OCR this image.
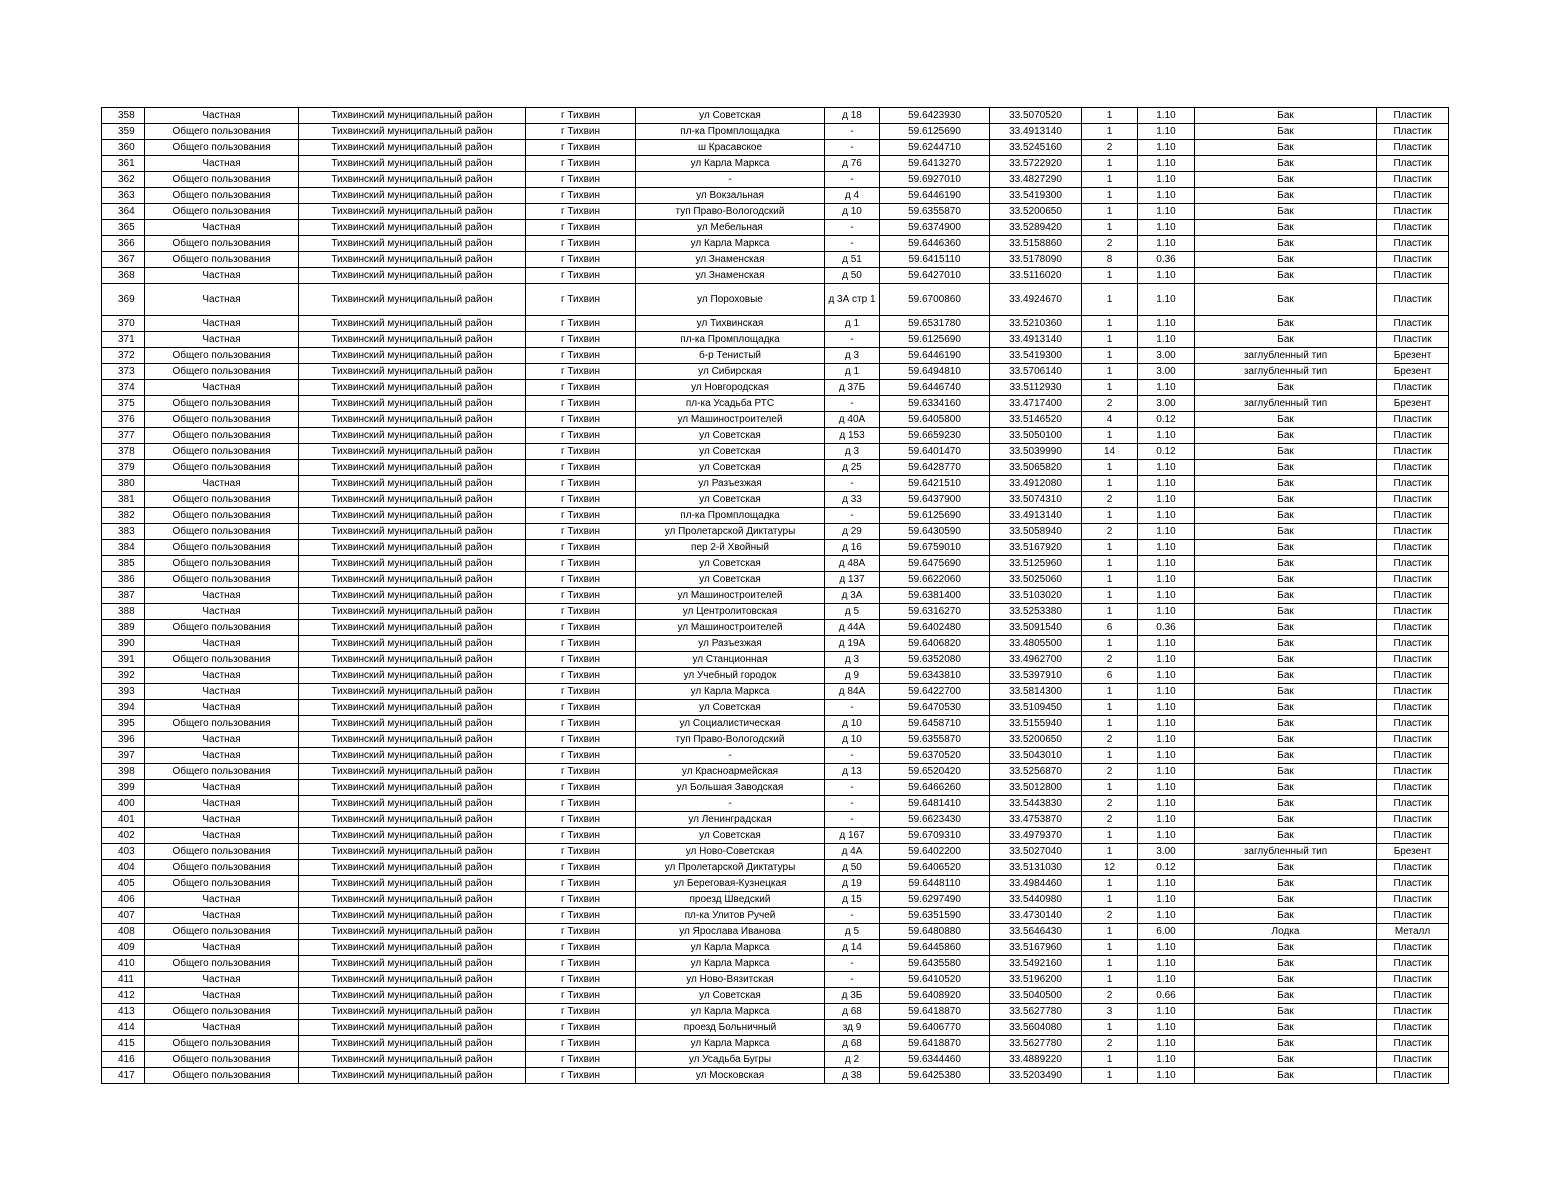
358	Частная	Тихвинский муниципальный район	г Тихвин	ул Советская	д 18	59.6423930	33.5070520	1	1.10	Бак	Пластик
359	Общего пользования	Тихвинский муниципальный район	г Тихвин	пл-ка Промплощадка	-	59.6125690	33.4913140	1	1.10	Бак	Пластик
360	Общего пользования	Тихвинский муниципальный район	г Тихвин	ш Красавское	-	59.6244710	33.5245160	2	1.10	Бак	Пластик
361	Частная	Тихвинский муниципальный район	г Тихвин	ул Карла Маркса	д 76	59.6413270	33.5722920	1	1.10	Бак	Пластик
362	Общего пользования	Тихвинский муниципальный район	г Тихвин	-	-	59.6927010	33.4827290	1	1.10	Бак	Пластик
363	Общего пользования	Тихвинский муниципальный район	г Тихвин	ул Вокзальная	д 4	59.6446190	33.5419300	1	1.10	Бак	Пластик
364	Общего пользования	Тихвинский муниципальный район	г Тихвин	туп Право-Вологодский	д 10	59.6355870	33.5200650	1	1.10	Бак	Пластик
365	Частная	Тихвинский муниципальный район	г Тихвин	ул Мебельная	-	59.6374900	33.5289420	1	1.10	Бак	Пластик
366	Общего пользования	Тихвинский муниципальный район	г Тихвин	ул Карла Маркса	-	59.6446360	33.5158860	2	1.10	Бак	Пластик
367	Общего пользования	Тихвинский муниципальный район	г Тихвин	ул Знаменская	д 51	59.6415110	33.5178090	8	0.36	Бак	Пластик
368	Частная	Тихвинский муниципальный район	г Тихвин	ул Знаменская	д 50	59.6427010	33.5116020	1	1.10	Бак	Пластик
369	Частная	Тихвинский муниципальный район	г Тихвин	ул Пороховые	д 3А стр 1	59.6700860	33.4924670	1	1.10	Бак	Пластик
370	Частная	Тихвинский муниципальный район	г Тихвин	ул Тихвинская	д 1	59.6531780	33.5210360	1	1.10	Бак	Пластик
371	Частная	Тихвинский муниципальный район	г Тихвин	пл-ка Промплощадка	-	59.6125690	33.4913140	1	1.10	Бак	Пластик
372	Общего пользования	Тихвинский муниципальный район	г Тихвин	б-р Тенистый	д 3	59.6446190	33.5419300	1	3.00	заглубленный тип	Брезент
373	Общего пользования	Тихвинский муниципальный район	г Тихвин	ул Сибирская	д 1	59.6494810	33.5706140	1	3.00	заглубленный тип	Брезент
374	Частная	Тихвинский муниципальный район	г Тихвин	ул Новгородская	д 37Б	59.6446740	33.5112930	1	1.10	Бак	Пластик
375	Общего пользования	Тихвинский муниципальный район	г Тихвин	пл-ка Усадьба РТС	-	59.6334160	33.4717400	2	3.00	заглубленный тип	Брезент
376	Общего пользования	Тихвинский муниципальный район	г Тихвин	ул Машиностроителей	д 40А	59.6405800	33.5146520	4	0.12	Бак	Пластик
377	Общего пользования	Тихвинский муниципальный район	г Тихвин	ул Советская	д 153	59.6659230	33.5050100	1	1.10	Бак	Пластик
378	Общего пользования	Тихвинский муниципальный район	г Тихвин	ул Советская	д 3	59.6401470	33.5039990	14	0.12	Бак	Пластик
379	Общего пользования	Тихвинский муниципальный район	г Тихвин	ул Советская	д 25	59.6428770	33.5065820	1	1.10	Бак	Пластик
380	Частная	Тихвинский муниципальный район	г Тихвин	ул Разъезжая	-	59.6421510	33.4912080	1	1.10	Бак	Пластик
381	Общего пользования	Тихвинский муниципальный район	г Тихвин	ул Советская	д 33	59.6437900	33.5074310	2	1.10	Бак	Пластик
382	Общего пользования	Тихвинский муниципальный район	г Тихвин	пл-ка Промплощадка	-	59.6125690	33.4913140	1	1.10	Бак	Пластик
383	Общего пользования	Тихвинский муниципальный район	г Тихвин	ул Пролетарской Диктатуры	д 29	59.6430590	33.5058940	2	1.10	Бак	Пластик
384	Общего пользования	Тихвинский муниципальный район	г Тихвин	пер 2-й Хвойный	д 16	59.6759010	33.5167920	1	1.10	Бак	Пластик
385	Общего пользования	Тихвинский муниципальный район	г Тихвин	ул Советская	д 48А	59.6475690	33.5125960	1	1.10	Бак	Пластик
386	Общего пользования	Тихвинский муниципальный район	г Тихвин	ул Советская	д 137	59.6622060	33.5025060	1	1.10	Бак	Пластик
387	Частная	Тихвинский муниципальный район	г Тихвин	ул Машиностроителей	д 3А	59.6381400	33.5103020	1	1.10	Бак	Пластик
388	Частная	Тихвинский муниципальный район	г Тихвин	ул Центролитовская	д 5	59.6316270	33.5253380	1	1.10	Бак	Пластик
389	Общего пользования	Тихвинский муниципальный район	г Тихвин	ул Машиностроителей	д 44А	59.6402480	33.5091540	6	0.36	Бак	Пластик
390	Частная	Тихвинский муниципальный район	г Тихвин	ул Разъезжая	д 19А	59.6406820	33.4805500	1	1.10	Бак	Пластик
391	Общего пользования	Тихвинский муниципальный район	г Тихвин	ул Станционная	д 3	59.6352080	33.4962700	2	1.10	Бак	Пластик
392	Частная	Тихвинский муниципальный район	г Тихвин	ул Учебный городок	д 9	59.6343810	33.5397910	6	1.10	Бак	Пластик
393	Частная	Тихвинский муниципальный район	г Тихвин	ул Карла Маркса	д 84А	59.6422700	33.5814300	1	1.10	Бак	Пластик
394	Частная	Тихвинский муниципальный район	г Тихвин	ул Советская	-	59.6470530	33.5109450	1	1.10	Бак	Пластик
395	Общего пользования	Тихвинский муниципальный район	г Тихвин	ул Социалистическая	д 10	59.6458710	33.5155940	1	1.10	Бак	Пластик
396	Частная	Тихвинский муниципальный район	г Тихвин	туп Право-Вологодский	д 10	59.6355870	33.5200650	2	1.10	Бак	Пластик
397	Частная	Тихвинский муниципальный район	г Тихвин	-	-	59.6370520	33.5043010	1	1.10	Бак	Пластик
398	Общего пользования	Тихвинский муниципальный район	г Тихвин	ул Красноармейская	д 13	59.6520420	33.5256870	2	1.10	Бак	Пластик
399	Частная	Тихвинский муниципальный район	г Тихвин	ул Большая Заводская	-	59.6466260	33.5012800	1	1.10	Бак	Пластик
400	Частная	Тихвинский муниципальный район	г Тихвин	-	-	59.6481410	33.5443830	2	1.10	Бак	Пластик
401	Частная	Тихвинский муниципальный район	г Тихвин	ул Ленинградская	-	59.6623430	33.4753870	2	1.10	Бак	Пластик
402	Частная	Тихвинский муниципальный район	г Тихвин	ул Советская	д 167	59.6709310	33.4979370	1	1.10	Бак	Пластик
403	Общего пользования	Тихвинский муниципальный район	г Тихвин	ул Ново-Советская	д 4А	59.6402200	33.5027040	1	3.00	заглубленный тип	Брезент
404	Общего пользования	Тихвинский муниципальный район	г Тихвин	ул Пролетарской Диктатуры	д 50	59.6406520	33.5131030	12	0.12	Бак	Пластик
405	Общего пользования	Тихвинский муниципальный район	г Тихвин	ул Береговая-Кузнецкая	д 19	59.6448110	33.4984460	1	1.10	Бак	Пластик
406	Частная	Тихвинский муниципальный район	г Тихвин	проезд Шведский	д 15	59.6297490	33.5440980	1	1.10	Бак	Пластик
407	Частная	Тихвинский муниципальный район	г Тихвин	пл-ка Улитов Ручей	-	59.6351590	33.4730140	2	1.10	Бак	Пластик
408	Общего пользования	Тихвинский муниципальный район	г Тихвин	ул Ярослава Иванова	д 5	59.6480880	33.5646430	1	6.00	Лодка	Металл
409	Частная	Тихвинский муниципальный район	г Тихвин	ул Карла Маркса	д 14	59.6445860	33.5167960	1	1.10	Бак	Пластик
410	Общего пользования	Тихвинский муниципальный район	г Тихвин	ул Карла Маркса	-	59.6435580	33.5492160	1	1.10	Бак	Пластик
411	Частная	Тихвинский муниципальный район	г Тихвин	ул Ново-Вязитская	-	59.6410520	33.5196200	1	1.10	Бак	Пластик
412	Частная	Тихвинский муниципальный район	г Тихвин	ул Советская	д 3Б	59.6408920	33.5040500	2	0.66	Бак	Пластик
413	Общего пользования	Тихвинский муниципальный район	г Тихвин	ул Карла Маркса	д 68	59.6418870	33.5627780	3	1.10	Бак	Пластик
414	Частная	Тихвинский муниципальный район	г Тихвин	проезд Больничный	зд 9	59.6406770	33.5604080	1	1.10	Бак	Пластик
415	Общего пользования	Тихвинский муниципальный район	г Тихвин	ул Карла Маркса	д 68	59.6418870	33.5627780	2	1.10	Бак	Пластик
416	Общего пользования	Тихвинский муниципальный район	г Тихвин	ул Усадьба Бугры	д 2	59.6344460	33.4889220	1	1.10	Бак	Пластик
417	Общего пользования	Тихвинский муниципальный район	г Тихвин	ул Московская	д 38	59.6425380	33.5203490	1	1.10	Бак	Пластик
